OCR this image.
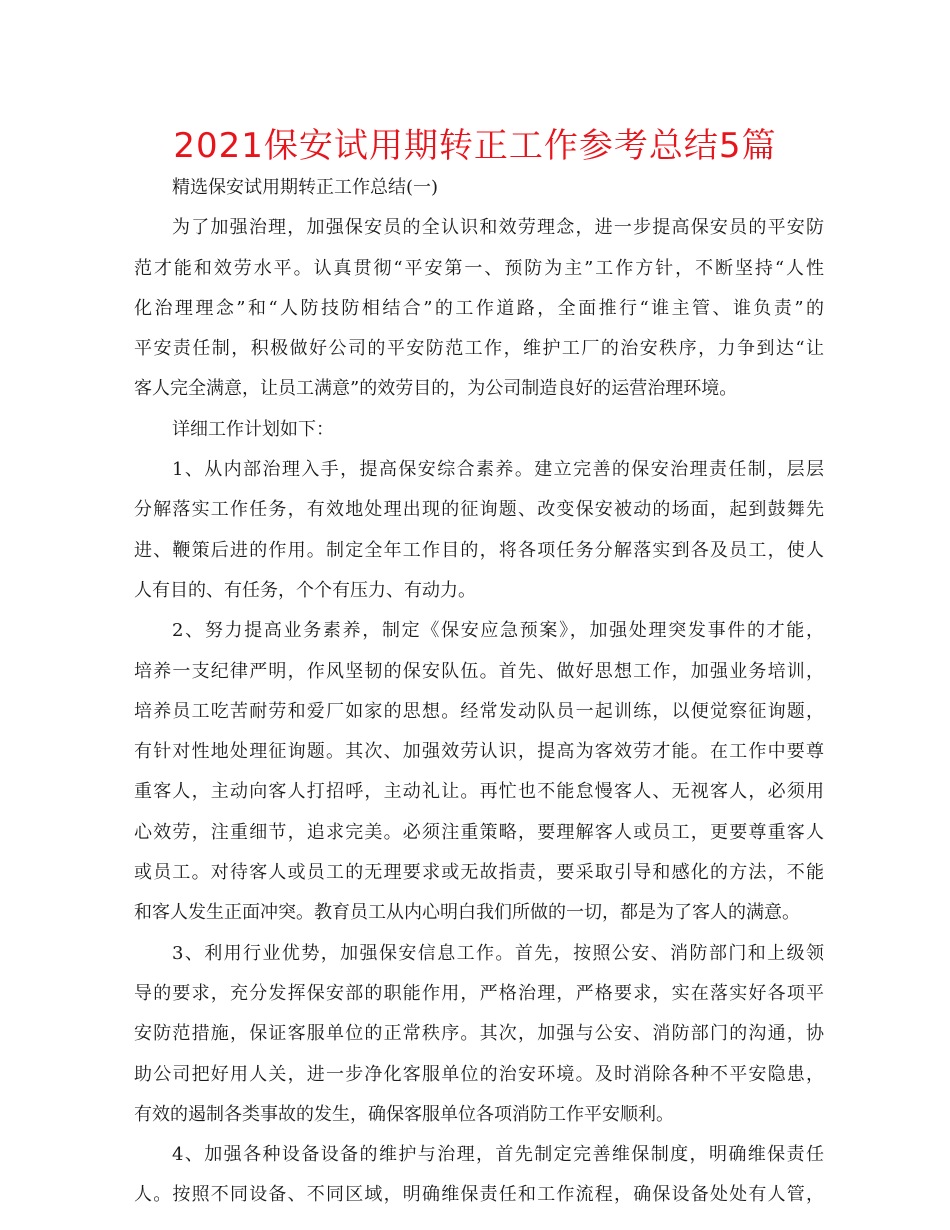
2021保安试用期转正工作参考总结5篇
精选保安试用期转正工作总结(一)
为了加强治理，加强保安员的全认识和效劳理念，进一步提高保安员的平安防
范才能和效劳水平。认真贯彻“平安第一、预防为主”工作方针，不断坚持“人性
化治理理念”和“人防技防相结合”的工作道路，全面推行“谁主管、谁负责”的
平安责任制，积极做好公司的平安防范工作，维护工厂的治安秩序，力争到达“让
客人完全满意，让员工满意”的效劳目的，为公司制造良好的运营治理环境。
详细工作计划如下：
1、从内部治理入手，提高保安综合素养。建立完善的保安治理责任制，层层
分解落实工作任务，有效地处理出现的征询题、改变保安被动的场面，起到鼓舞先
进、鞭策后进的作用。制定全年工作目的，将各项任务分解落实到各及员工，使人
人有目的、有任务，个个有压力、有动力。
2、努力提高业务素养，制定《保安应急预案》，加强处理突发事件的才能，
培养一支纪律严明，作风坚韧的保安队伍。首先、做好思想工作，加强业务培训，
培养员工吃苦耐劳和爱厂如家的思想。经常发动队员一起训练，以便觉察征询题，
有针对性地处理征询题。其次、加强效劳认识，提高为客效劳才能。在工作中要尊
重客人，主动向客人打招呼，主动礼让。再忙也不能怠慢客人、无视客人，必须用
心效劳，注重细节，追求完美。必须注重策略，要理解客人或员工，更要尊重客人
或员工。对待客人或员工的无理要求或无故指责，要采取引导和感化的方法，不能
和客人发生正面冲突。教育员工从内心明白我们所做的一切，都是为了客人的满意。
3、利用行业优势，加强保安信息工作。首先，按照公安、消防部门和上级领
导的要求，充分发挥保安部的职能作用，严格治理，严格要求，实在落实好各项平
安防范措施，保证客服单位的正常秩序。其次，加强与公安、消防部门的沟通，协
助公司把好用人关，进一步净化客服单位的治安环境。及时消除各种不平安隐患，
有效的遏制各类事故的发生，确保客服单位各项消防工作平安顺利。
4、加强各种设备设备的维护与治理，首先制定完善维保制度，明确维保责任
人。按照不同设备、不同区域，明确维保责任和工作流程，确保设备处处有人管，
